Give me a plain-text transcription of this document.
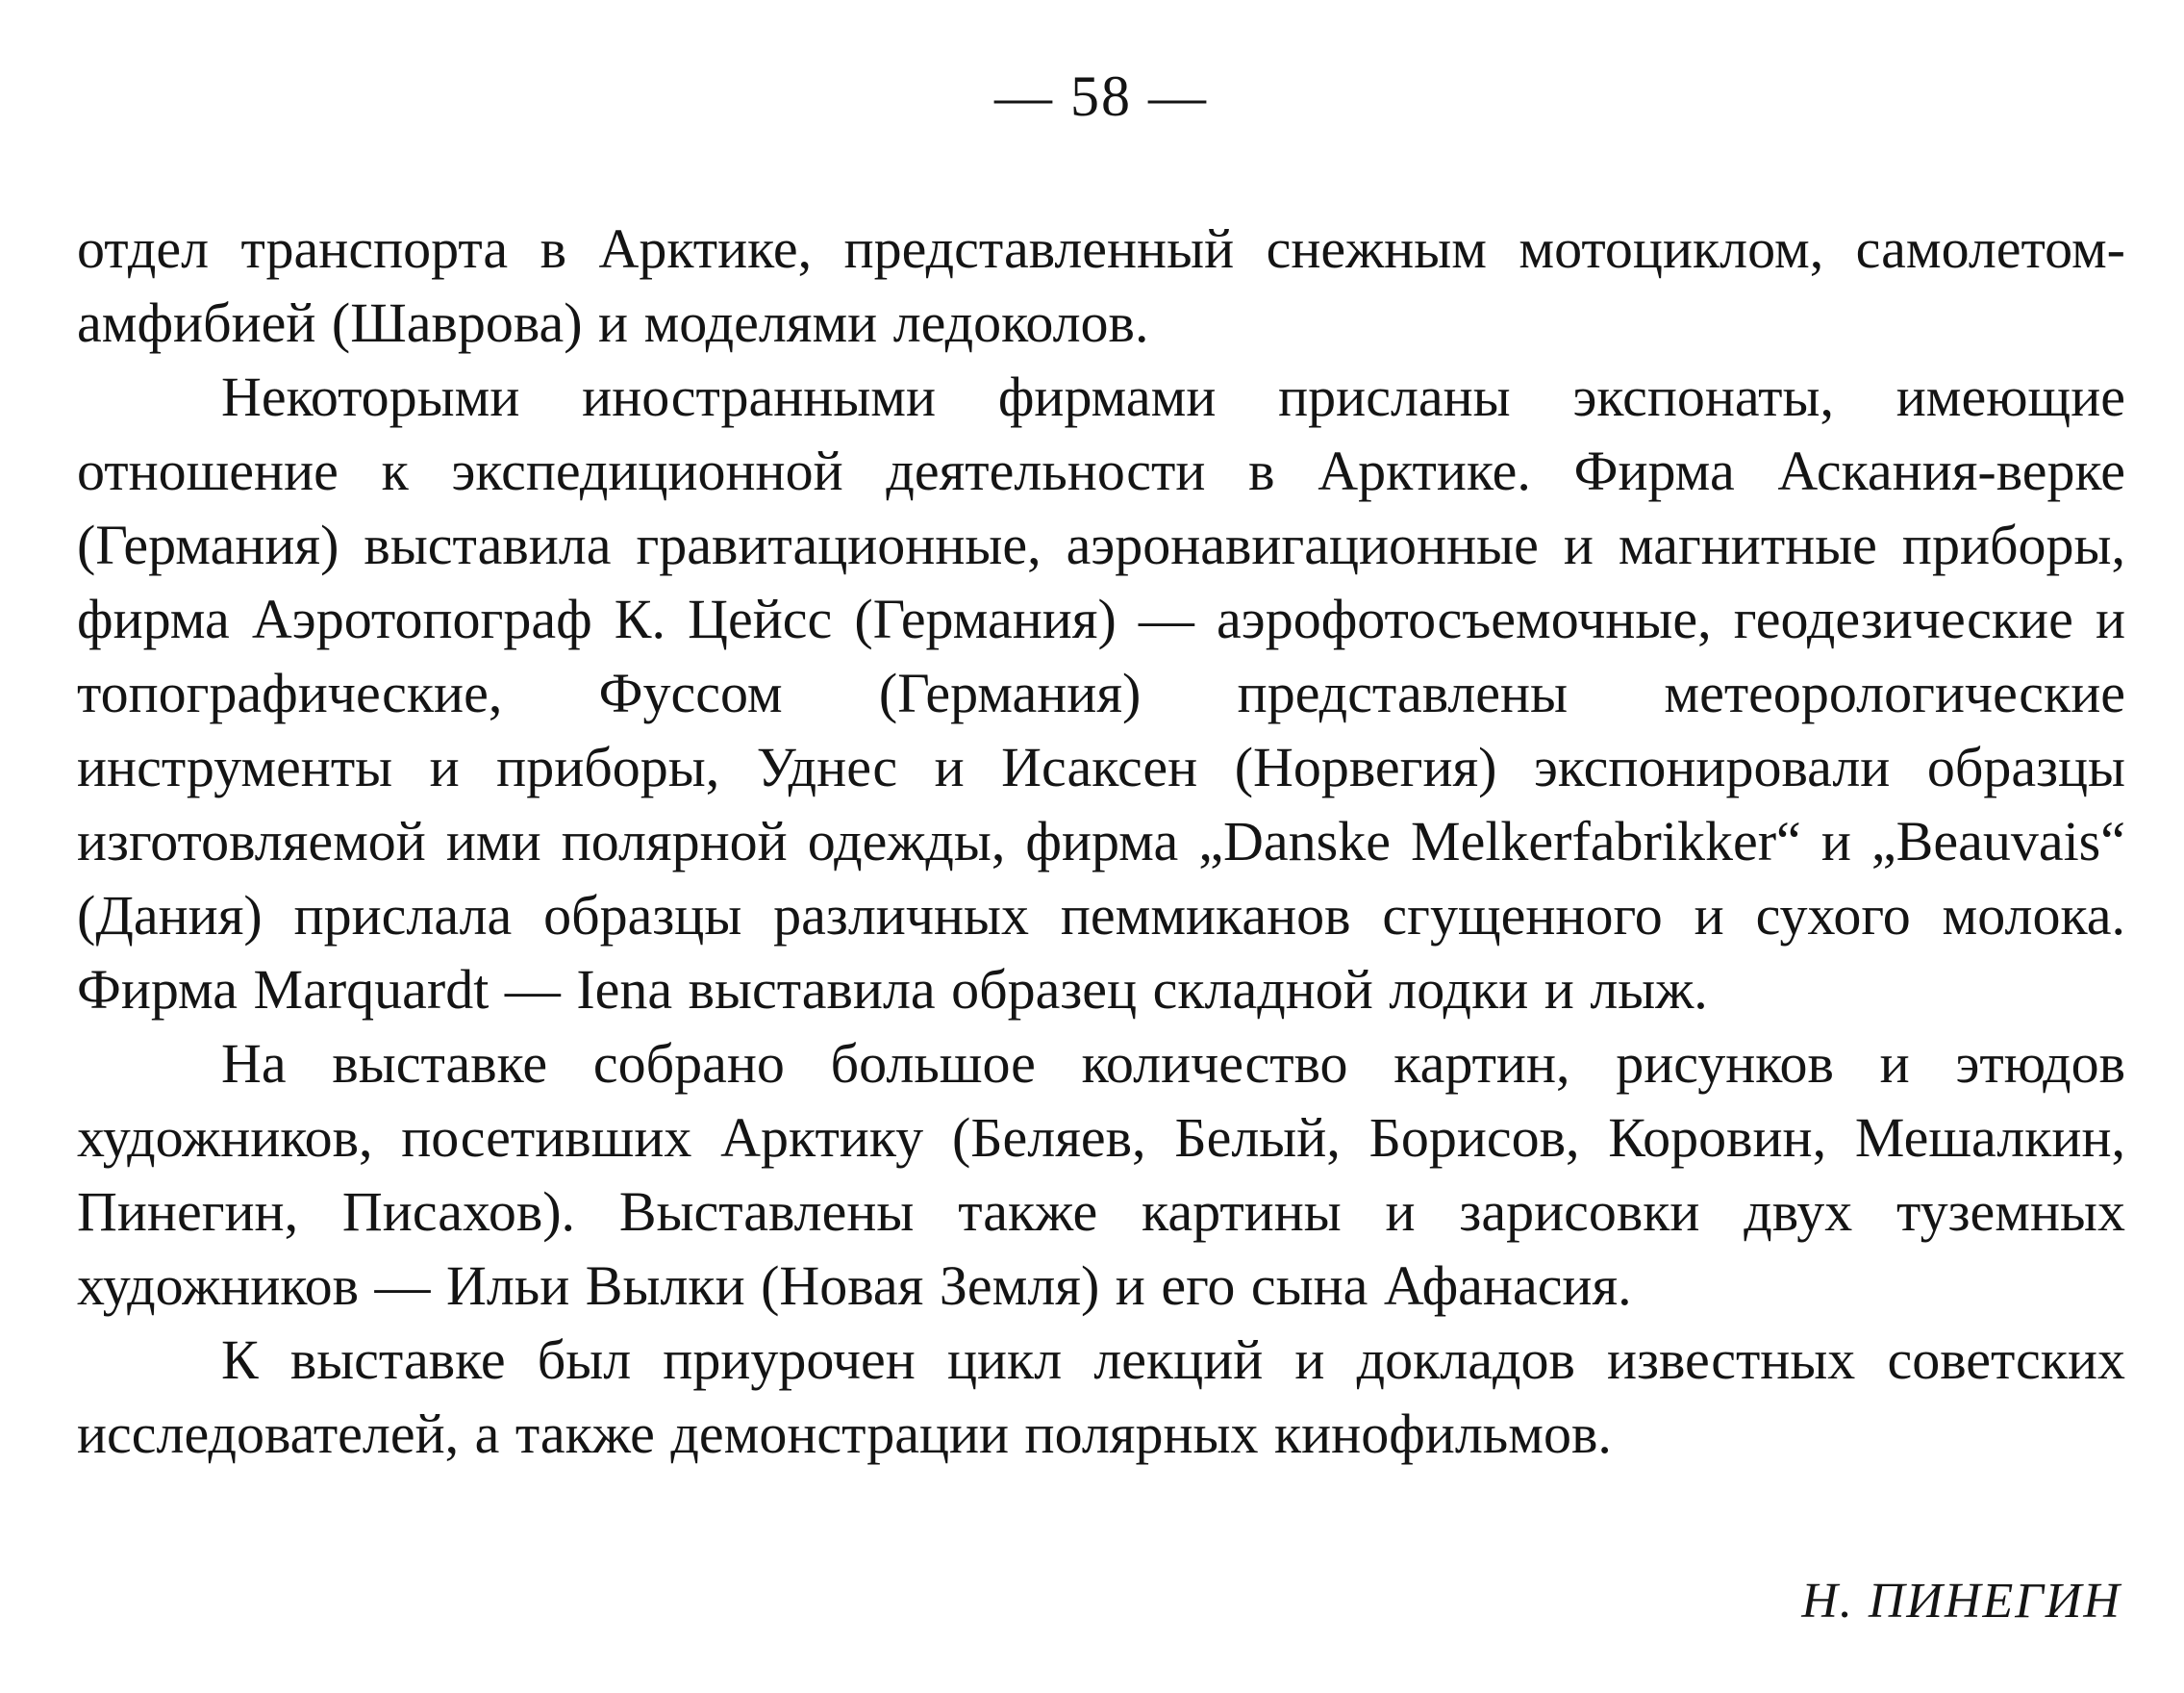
— 58 —

отдел транспорта в Арктике, представленный снежным мотоциклом, самолетом-амфибией (Шаврова) и моделями ледоколов.

Некоторыми иностранными фирмами присланы экспонаты, имеющие отношение к экспедиционной деятельности в Арктике. Фирма Аскания-верке (Германия) выставила гравитационные, аэронавигационные и магнитные приборы, фирма Аэротопограф К. Цейсс (Германия) — аэрофотосъемочные, геодезические и топографические, Фуссом (Германия) представлены метеорологические инструменты и приборы, Уднес и Исаксен (Норвегия) экспонировали образцы изготовляемой ими полярной одежды, фирма „Danske Melkerfabrikker“ и „Beauvais“ (Дания) прислала образцы различных пеммиканов сгущенного и сухого молока. Фирма Marquardt — Iena выставила образец складной лодки и лыж.

На выставке собрано большое количество картин, рисунков и этюдов художников, посетивших Арктику (Беляев, Белый, Борисов, Коровин, Мешалкин, Пинегин, Писахов). Выставлены также картины и зарисовки двух туземных художников — Ильи Вылки (Новая Земля) и его сына Афанасия.

К выставке был приурочен цикл лекций и докладов известных советских исследователей, а также демонстрации полярных кинофильмов.

Н. ПИНЕГИН
